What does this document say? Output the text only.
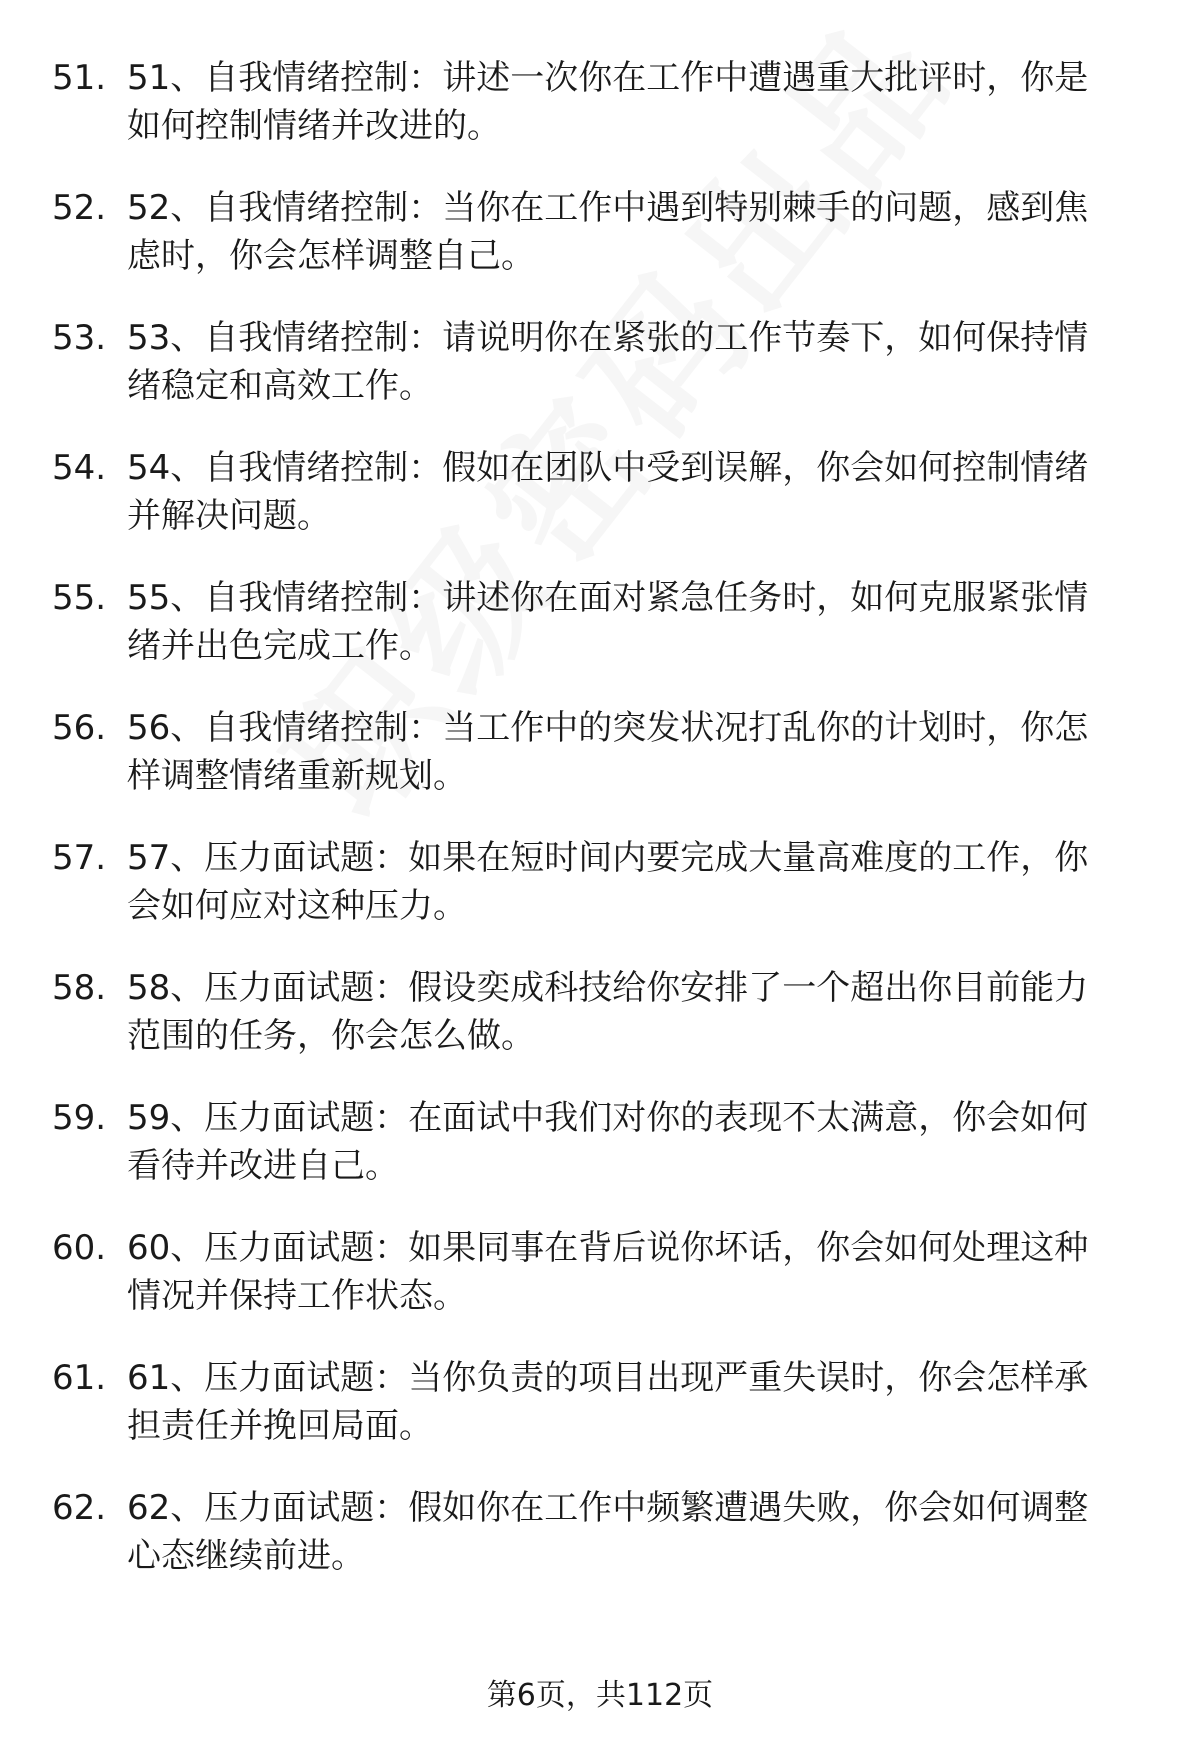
51. 51、自我情绪控制：讲述一次你在工作中遭遇重大批评时，你是
如何控制情绪并改进的。
52. 52、自我情绪控制：当你在工作中遇到特别棘手的问题，感到焦
虑时，你会怎样调整自己。
53. 53、自我情绪控制：请说明你在紧张的工作节奏下，如何保持情
绪稳定和高效工作。
54. 54、自我情绪控制：假如在团队中受到误解，你会如何控制情绪
并解决问题。
55. 55、自我情绪控制：讲述你在面对紧急任务时，如何克服紧张情
绪并出色完成工作。
56. 56、自我情绪控制：当工作中的突发状况打乱你的计划时，你怎
样调整情绪重新规划。
57. 57、压力面试题：如果在短时间内要完成大量高难度的工作，你
会如何应对这种压力。
58. 58、压力面试题：假设奕成科技给你安排了一个超出你目前能力
范围的任务，你会怎么做。
59. 59、压力面试题：在面试中我们对你的表现不太满意，你会如何
看待并改进自己。
60. 60、压力面试题：如果同事在背后说你坏话，你会如何处理这种
情况并保持工作状态。
61. 61、压力面试题：当你负责的项目出现严重失误时，你会怎样承
担责任并挽回局面。
62. 62、压力面试题：假如你在工作中频繁遭遇失败，你会如何调整
心态继续前进。
第6页，共112页
